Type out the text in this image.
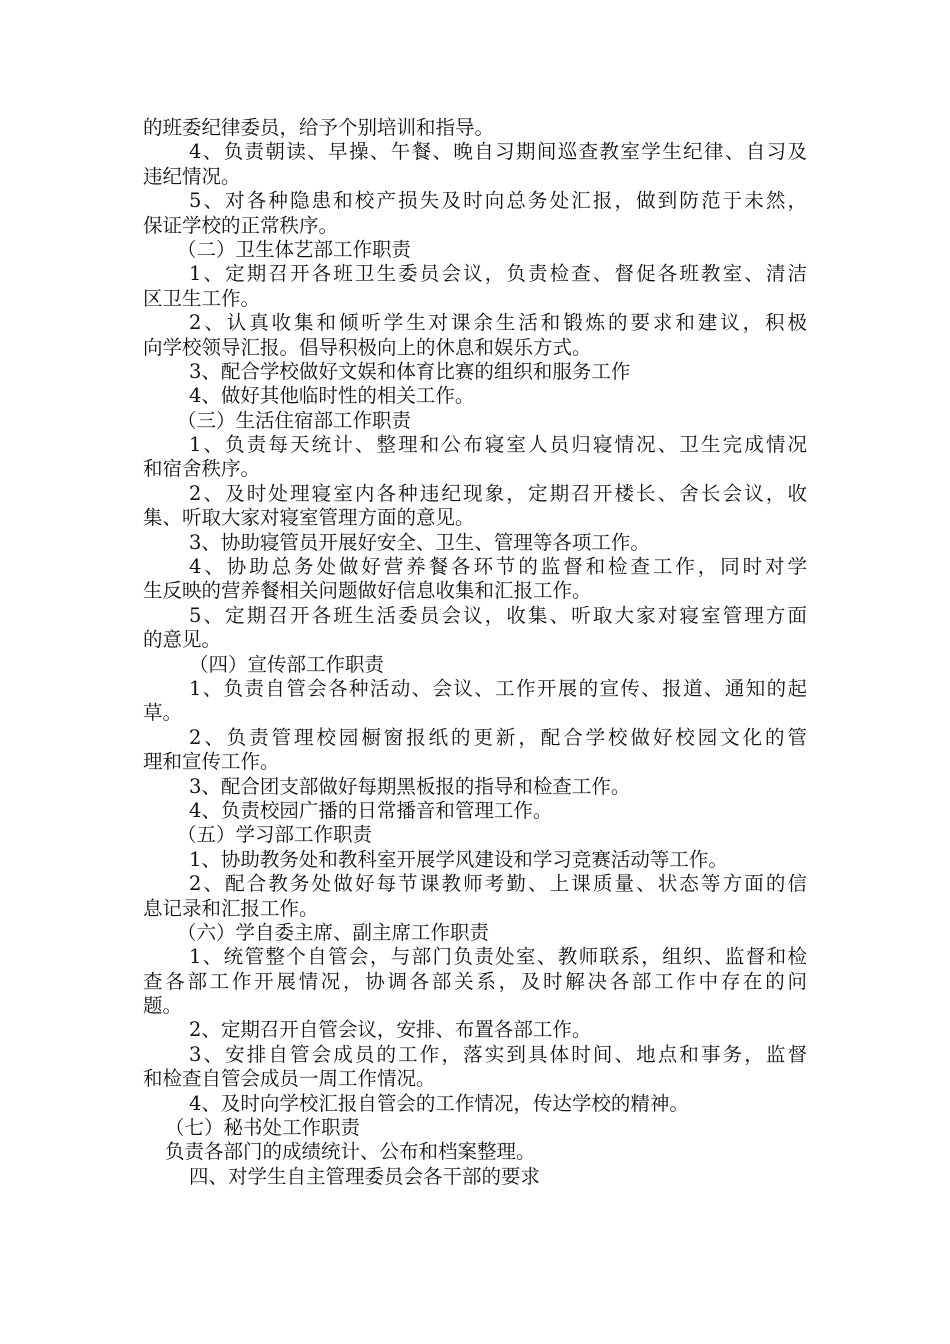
的班委纪律委员，给予个别培训和指导。
4、负责朝读、早操、午餐、晚自习期间巡查教室学生纪律、自习及
违纪情况。
5、对各种隐患和校产损失及时向总务处汇报，做到防范于未然，
保证学校的正常秩序。
（二）卫生体艺部工作职责
1、定期召开各班卫生委员会议，负责检查、督促各班教室、清洁
区卫生工作。
2、认真收集和倾听学生对课余生活和锻炼的要求和建议，积极
向学校领导汇报。倡导积极向上的休息和娱乐方式。
3、配合学校做好文娱和体育比赛的组织和服务工作
4、做好其他临时性的相关工作。
（三）生活住宿部工作职责
1、负责每天统计、整理和公布寝室人员归寝情况、卫生完成情况
和宿舍秩序。
2、及时处理寝室内各种违纪现象，定期召开楼长、舍长会议，收
集、听取大家对寝室管理方面的意见。
3、协助寝管员开展好安全、卫生、管理等各项工作。
4、协助总务处做好营养餐各环节的监督和检查工作，同时对学
生反映的营养餐相关问题做好信息收集和汇报工作。
5、定期召开各班生活委员会议，收集、听取大家对寝室管理方面
的意见。
（四）宣传部工作职责
1、负责自管会各种活动、会议、工作开展的宣传、报道、通知的起
草。
2、负责管理校园橱窗报纸的更新，配合学校做好校园文化的管
理和宣传工作。
3、配合团支部做好每期黑板报的指导和检查工作。
4、负责校园广播的日常播音和管理工作。
（五）学习部工作职责
1、协助教务处和教科室开展学风建设和学习竞赛活动等工作。
2、配合教务处做好每节课教师考勤、上课质量、状态等方面的信
息记录和汇报工作。
（六）学自委主席、副主席工作职责
1、统管整个自管会，与部门负责处室、教师联系，组织、监督和检
查各部工作开展情况，协调各部关系，及时解决各部工作中存在的问
题。
2、定期召开自管会议，安排、布置各部工作。
3、安排自管会成员的工作，落实到具体时间、地点和事务，监督
和检查自管会成员一周工作情况。
4、及时向学校汇报自管会的工作情况，传达学校的精神。
（七）秘书处工作职责
负责各部门的成绩统计、公布和档案整理。
四、对学生自主管理委员会各干部的要求
